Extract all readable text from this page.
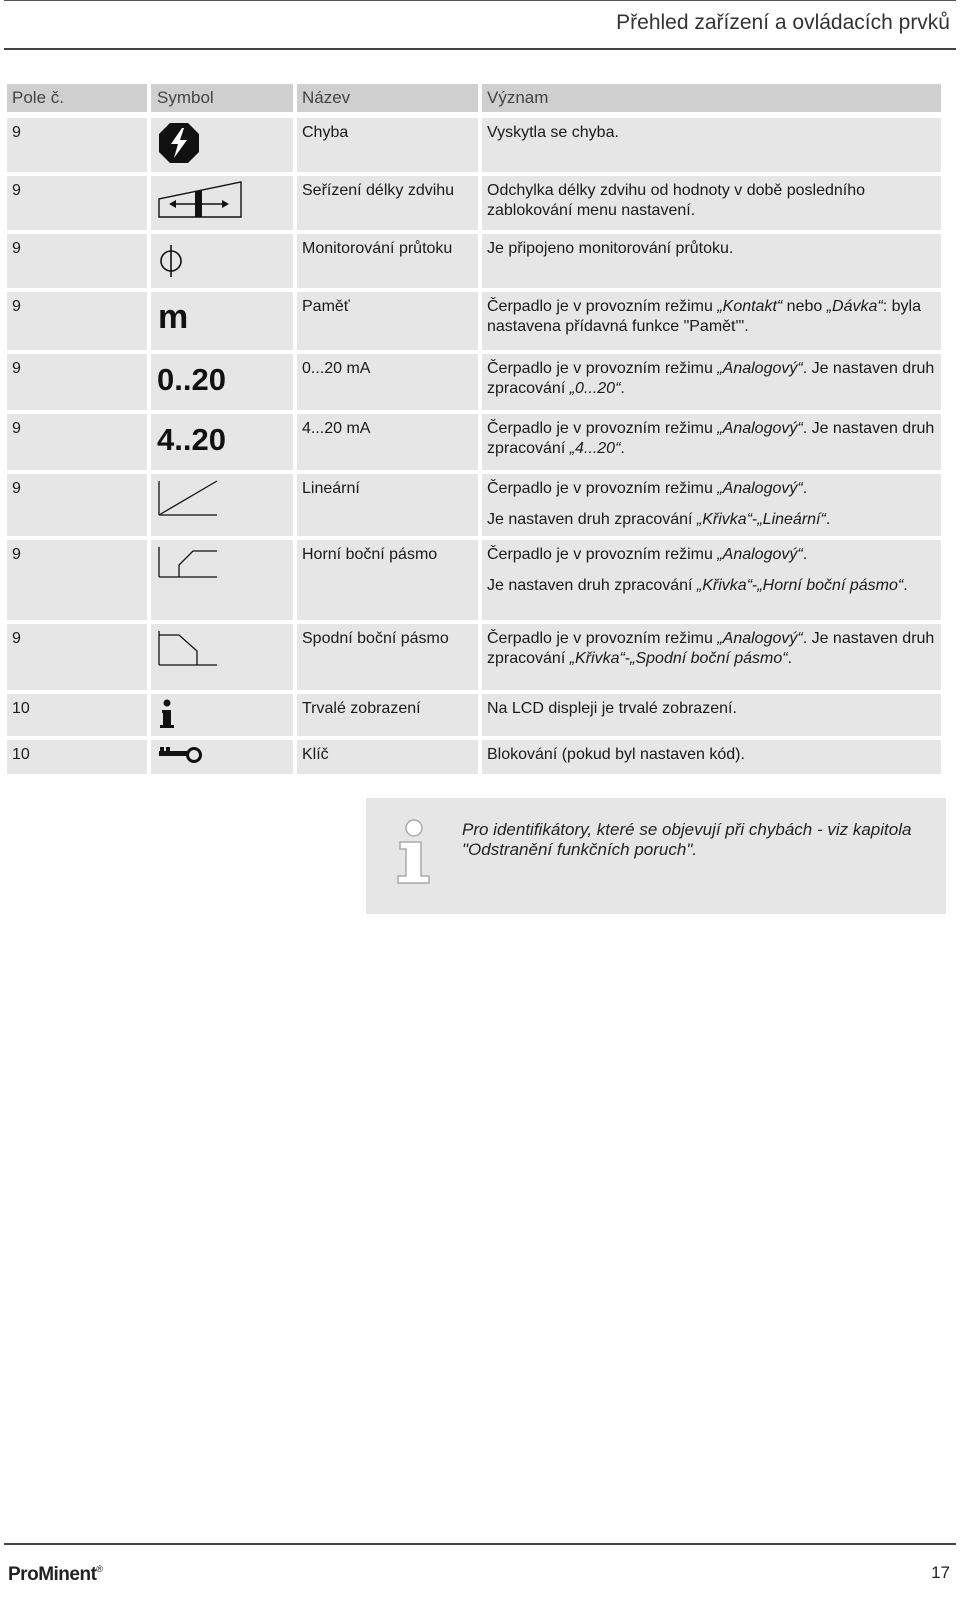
Přehled zařízení a ovládacích prvků
Pole č.	Symbol	Název	Význam
9	Chyba	Vyskytla se chyba.
9	Seřízení délky zdvihu	Odchylka délky zdvihu od hodnoty v době posledního zablokování menu nastavení.
9	Monitorování průtoku	Je připojeno monitorování průtoku.
9	m	Paměť	Čerpadlo je v provozním režimu „Kontakt“ nebo „Dávka“: byla nastavena přídavná funkce "Pamět'".
9	0..20	0...20 mA	Čerpadlo je v provozním režimu „Analogový“. Je nastaven druh zpracování „0...20“.
9	4..20	4...20 mA	Čerpadlo je v provozním režimu „Analogový“. Je nastaven druh zpracování „4...20“.
9	Lineární	Čerpadlo je v provozním režimu „Analogový“.
Je nastaven druh zpracování „Křivka“-„Lineární“.
9	Horní boční pásmo	Čerpadlo je v provozním režimu „Analogový“.
Je nastaven druh zpracování „Křivka“-„Horní boční pásmo“.
9	Spodní boční pásmo	Čerpadlo je v provozním režimu „Analogový“. Je nastaven druh zpracování „Křivka“-„Spodní boční pásmo“.
10	Trvalé zobrazení	Na LCD displeji je trvalé zobrazení.
10	Klíč	Blokování (pokud byl nastaven kód).
Pro identifikátory, které se objevují při chybách - viz kapitola "Odstranění funkčních poruch".
ProMinent®	17
